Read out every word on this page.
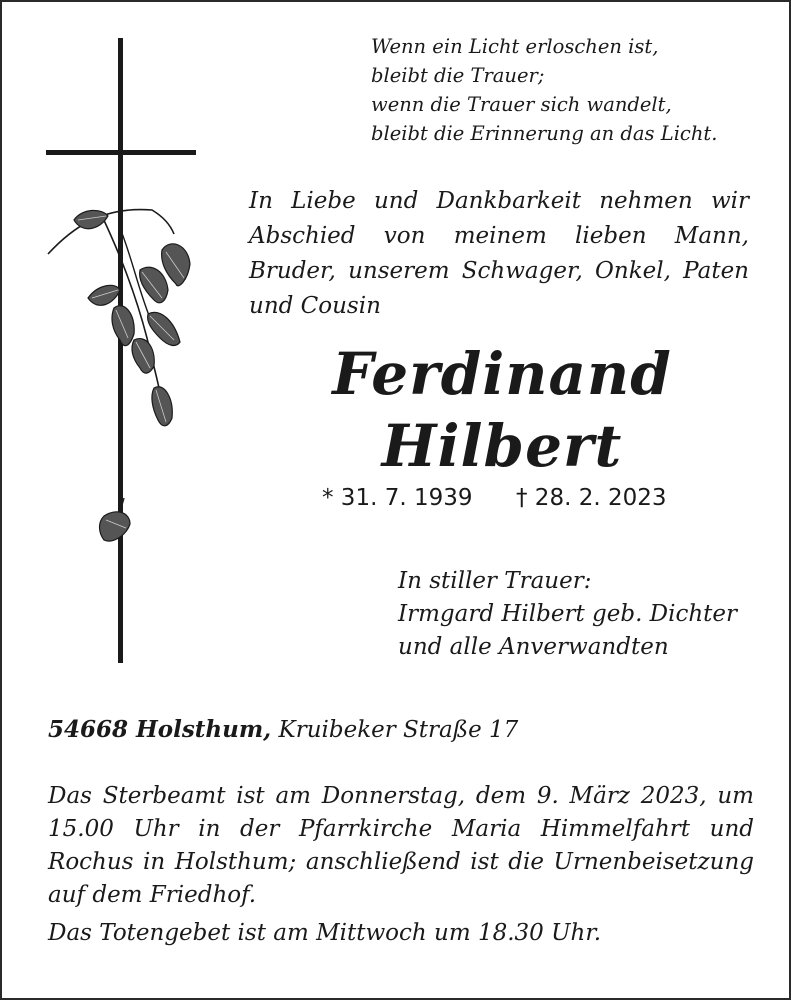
Wenn ein Licht erloschen ist,
bleibt die Trauer;
wenn die Trauer sich wandelt,
bleibt die Erinnerung an das Licht.
In Liebe und Dankbarkeit nehmen wir Abschied von meinem lieben Mann, Bruder, unserem Schwager, Onkel, Paten und Cousin
Ferdinand
Hilbert
* 31. 7. 1939 † 28. 2. 2023
In stiller Trauer:
Irmgard Hilbert geb. Dichter
und alle Anverwandten
54668 Holsthum, Kruibeker Straße 17
Das Sterbeamt ist am Donnerstag, dem 9. März 2023, um 15.00 Uhr in der Pfarrkirche Maria Himmelfahrt und Rochus in Holsthum; anschließend ist die Urnenbeisetzung auf dem Friedhof.
Das Totengebet ist am Mittwoch um 18.30 Uhr.
